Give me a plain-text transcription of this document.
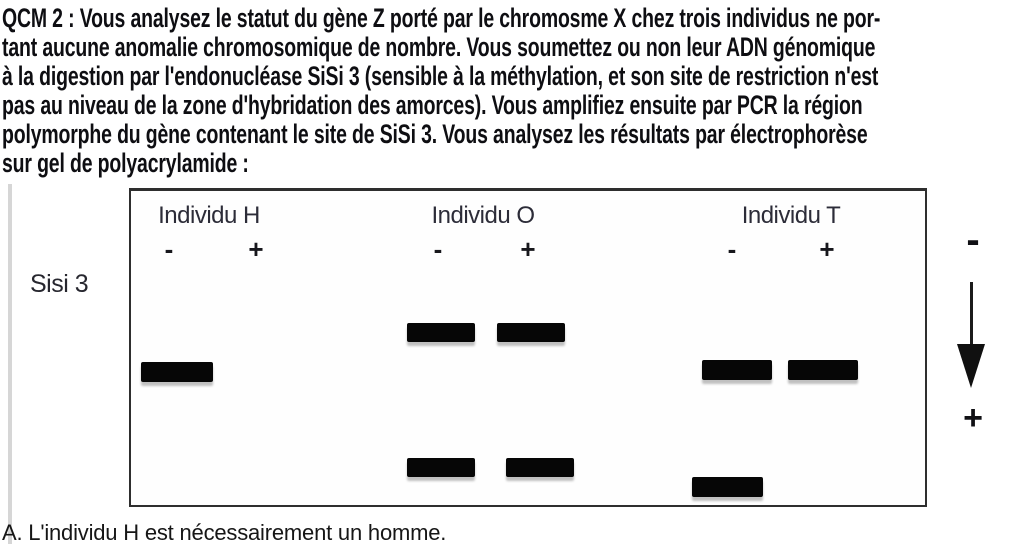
QCM 2 : Vous analysez le statut du gène Z porté par le chromosme X chez trois individus ne por-
tant aucune anomalie chromosomique de nombre. Vous soumettez ou non leur ADN génomique
à la digestion par l'endonucléase SiSi 3 (sensible à la méthylation, et son site de restriction n'est
pas au niveau de la zone d'hybridation des amorces). Vous amplifiez ensuite par PCR la région
polymorphe du gène contenant le site de SiSi 3. Vous analysez les résultats par électrophorèse
sur gel de polyacrylamide :
Sisi 3
Individu H	Individu O	Individu T
-	+	-	+	-	+	-
+
A. L'individu H est nécessairement un homme.
